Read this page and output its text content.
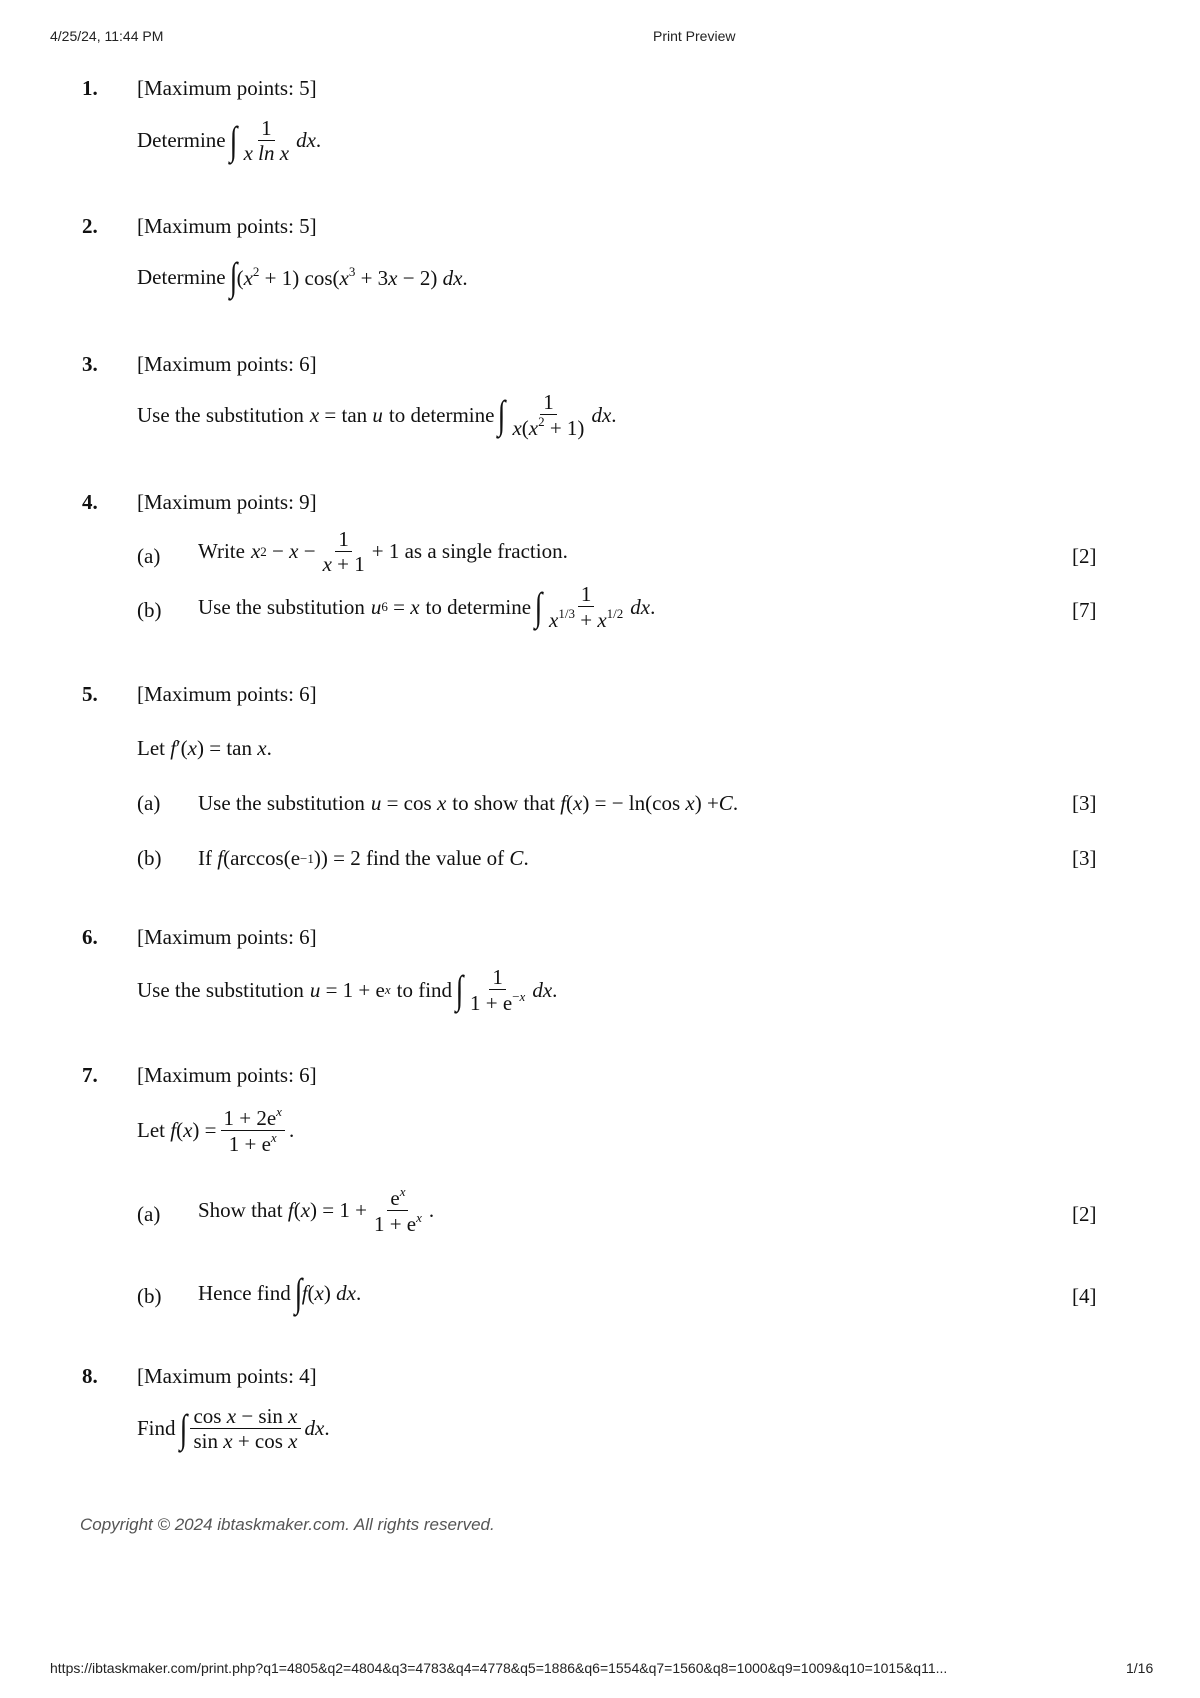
4/25/24, 11:44 PM	Print Preview
1. [Maximum points: 5]
Determine ∫ $\frac{1}{\text{x ln x}}$ dx .
2. [Maximum points: 5]
Determine ∫ $(x^2 + 1) \cos(x^3 + 3x - 2)$ dx.
3. [Maximum points: 6]
Use the substitution x = tan u to determine ∫ $\frac{1}{x(x^2 + 1)}$ dx .
4. [Maximum points: 9]
(a) Write x $2 - x - \frac{1}{x + 1} + 1$ as a single fraction.	[2]
(b) Use the substitution u 6 = x to determine ∫ $\frac{1}{x^{1/3} + x^{1/2}}$ dx .	[7]
5. [Maximum points: 6]
Let
f ′( x ) = tan x .
(a) Use the substitution u = cos x to show that
f ( x ) = − ln(cos x ) + C .	[3]
(b) If
f (arccos(e −1 )) = 2 find the value of
C .	[3]
6. [Maximum points: 6]
Use the substitution u = 1 + e x to find ∫ $\frac{1}{1 + e^{-x}}$ dx .
7. [Maximum points: 6]
Let
f ( x ) = $\frac{1 + 2e^x}{1 + e^x}$ .
(a) Show that
f ( x ) = $1 + \frac{e^x}{1 + e^x}$ .	[2]
(b) Hence find ∫ f(x) dx.	[4]
8. [Maximum points: 4]
Find ∫ $\frac{\text{cos x − sin x}}{\text{sin x + cos x}}$ dx .
Copyright © 2024 ibtaskmaker.com. All rights reserved.
https://ibtaskmaker.com/print.php?q1=4805&q2=4804&q3=4783&q4=4778&q5=1886&q6=1554&q7=1560&q8=1000&q9=1009&q10=1015&q11...	1/16
